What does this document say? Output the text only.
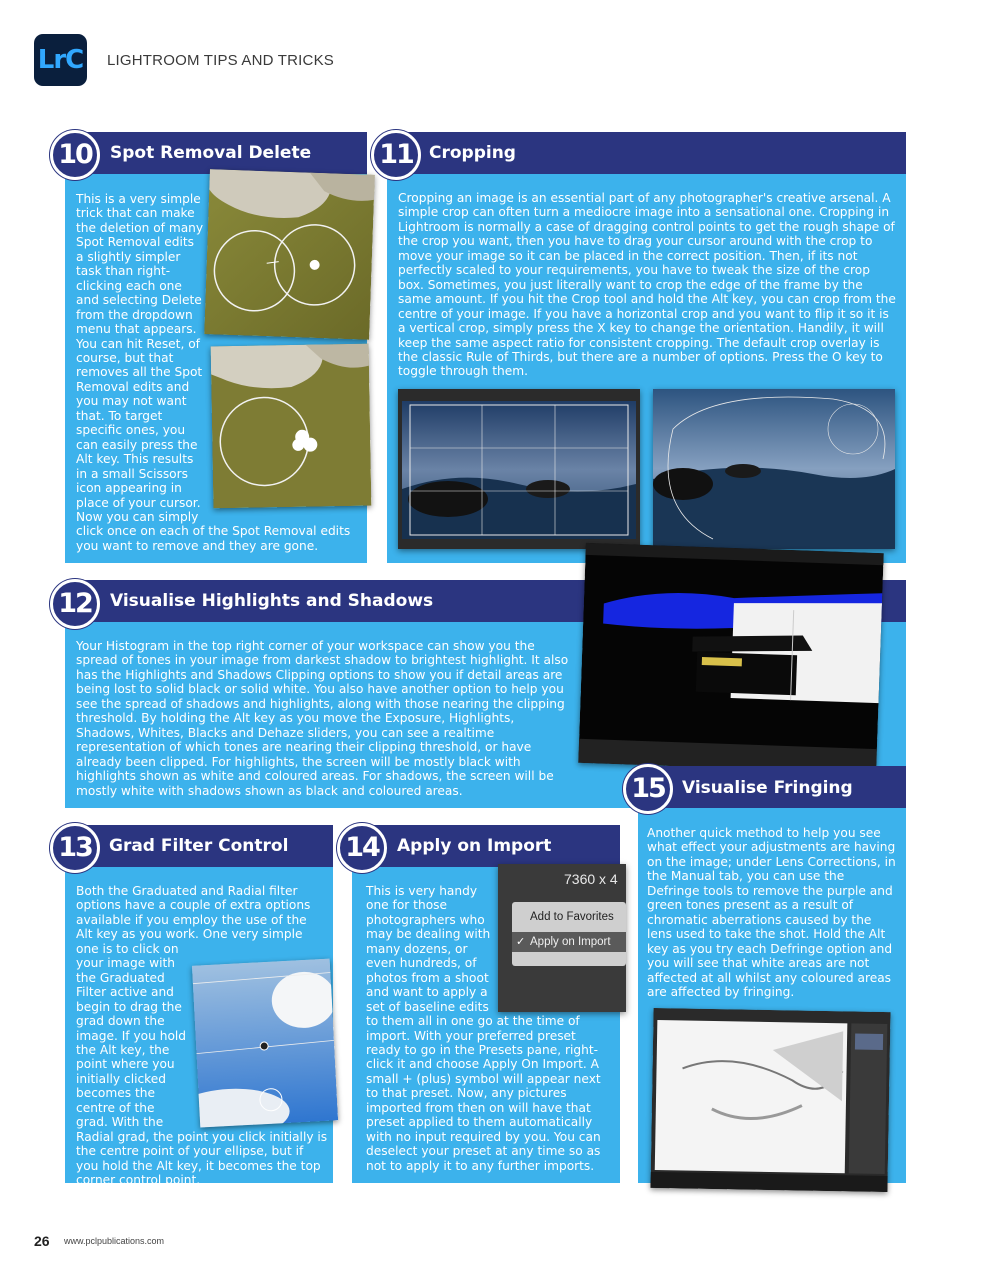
LrC LIGHTROOM TIPS AND TRICKS
Spot Removal Delete
10
This is a very simple trick that can make the deletion of many Spot Removal edits a slightly simpler task than right-clicking each one and selecting Delete from the dropdown menu that appears. You can hit Reset, of course, but that removes all the Spot Removal edits and you may not want that. To target specific ones, you can easily press the Alt key. This results in a small Scissors icon appearing in place of your cursor. Now you can simply click once on each of the Spot Removal edits you want to remove and they are gone.
Cropping
11
Cropping an image is an essential part of any photographer's creative arsenal. A simple crop can often turn a mediocre image into a sensational one. Cropping in Lightroom is normally a case of dragging control points to get the rough shape of the crop you want, then you have to drag your cursor around with the crop to move your image so it can be placed in the correct position. Then, if its not perfectly scaled to your requirements, you have to tweak the size of the crop box. Sometimes, you just literally want to crop the edge of the frame by the same amount. If you hit the Crop tool and hold the Alt key, you can crop from the centre of your image. If you have a horizontal crop and you want to flip it so it is a vertical crop, simply press the X key to change the orientation. Handily, it will keep the same aspect ratio for consistent cropping. The default crop overlay is the classic Rule of Thirds, but there are a number of options. Press the O key to toggle through them.
Visualise Highlights and Shadows
12
Your Histogram in the top right corner of your workspace can show you the spread of tones in your image from darkest shadow to brightest highlight. It also has the Highlights and Shadows Clipping options to show you if detail areas are being lost to solid black or solid white. You also have another option to help you see the spread of shadows and highlights, along with those nearing the clipping threshold. By holding the Alt key as you move the Exposure, Highlights, Shadows, Whites, Blacks and Dehaze sliders, you can see a realtime representation of which tones are nearing their clipping threshold, or have already been clipped. For highlights, the screen will be mostly black with highlights shown as white and coloured areas. For shadows, the screen will be mostly white with shadows shown as black and coloured areas.
Grad Filter Control
13
Both the Graduated and Radial filter options have a couple of extra options available if you employ the use of the Alt key as you work. One very simple one is to click on your image with the Graduated Filter active and begin to drag the grad down the image. If you hold the Alt key, the point where you initially clicked becomes the centre of the grad. With the Radial grad, the point you click initially is the centre point of your ellipse, but if you hold the Alt key, it becomes the top corner control point.
Apply on Import
14
7360 x 4
Add to Favorites
✓ Apply on Import
This is very handy one for those photographers who may be dealing with many dozens, or even hundreds, of photos from a shoot and want to apply a set of baseline edits to them all in one go at the time of import. With your preferred preset ready to go in the Presets pane, right-click it and choose Apply On Import. A small + (plus) symbol will appear next to that preset. Now, any pictures imported from then on will have that preset applied to them automatically with no input required by you. You can deselect your preset at any time so as not to apply it to any further imports.
Visualise Fringing
15
Another quick method to help you see what effect your adjustments are having on the image; under Lens Corrections, in the Manual tab, you can use the Defringe tools to remove the purple and green tones present as a result of chromatic aberrations caused by the lens used to take the shot. Hold the Alt key as you try each Defringe option and you will see that white areas are not affected at all whilst any coloured areas are affected by fringing.
26 www.pclpublications.com
